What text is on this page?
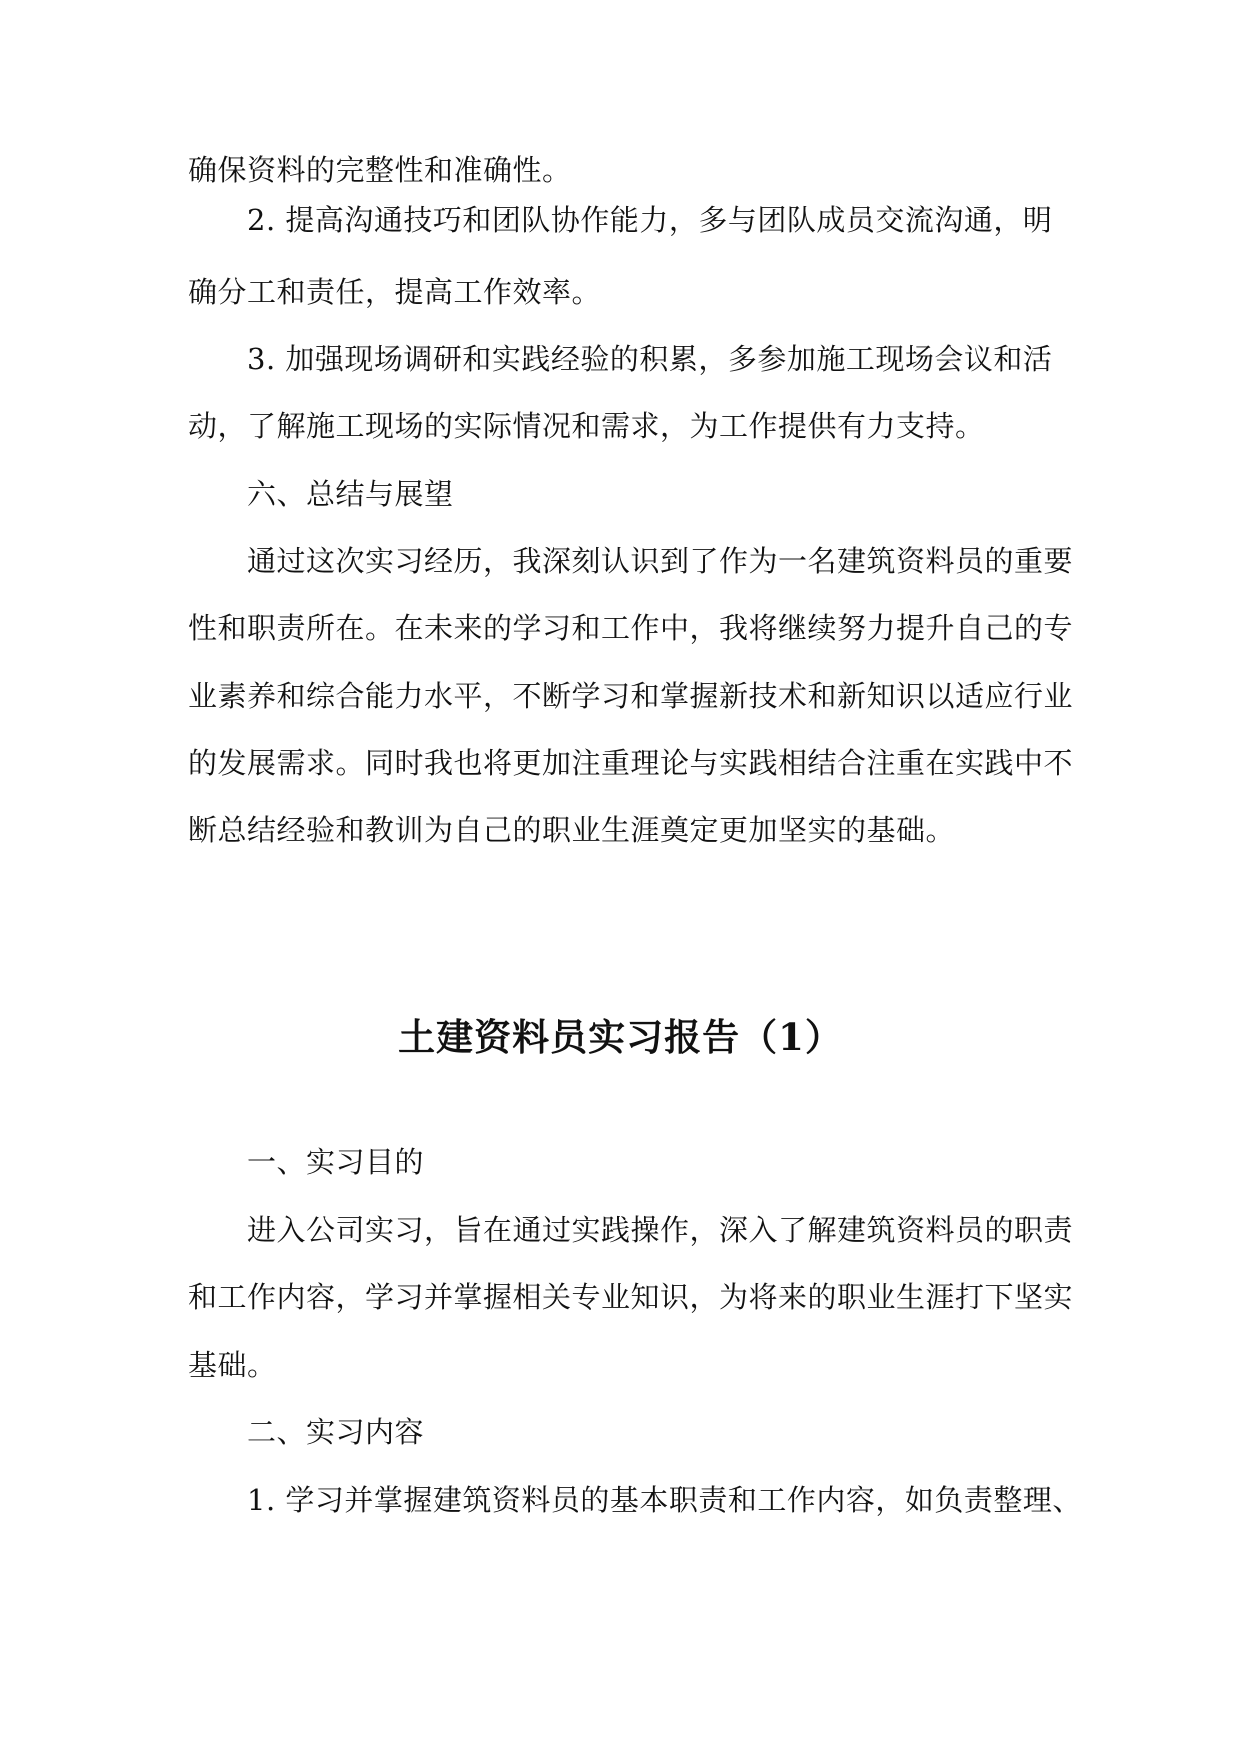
确保资料的完整性和准确性。
2. 提高沟通技巧和团队协作能力，多与团队成员交流沟通，明
确分工和责任，提高工作效率。
3. 加强现场调研和实践经验的积累，多参加施工现场会议和活
动，了解施工现场的实际情况和需求，为工作提供有力支持。
六、总结与展望
通过这次实习经历，我深刻认识到了作为一名建筑资料员的重要
性和职责所在。在未来的学习和工作中，我将继续努力提升自己的专
业素养和综合能力水平，不断学习和掌握新技术和新知识以适应行业
的发展需求。同时我也将更加注重理论与实践相结合注重在实践中不
断总结经验和教训为自己的职业生涯奠定更加坚实的基础。
土建资料员实习报告（1）
一、实习目的
进入公司实习，旨在通过实践操作，深入了解建筑资料员的职责
和工作内容，学习并掌握相关专业知识，为将来的职业生涯打下坚实
基础。
二、实习内容
1. 学习并掌握建筑资料员的基本职责和工作内容，如负责整理、
